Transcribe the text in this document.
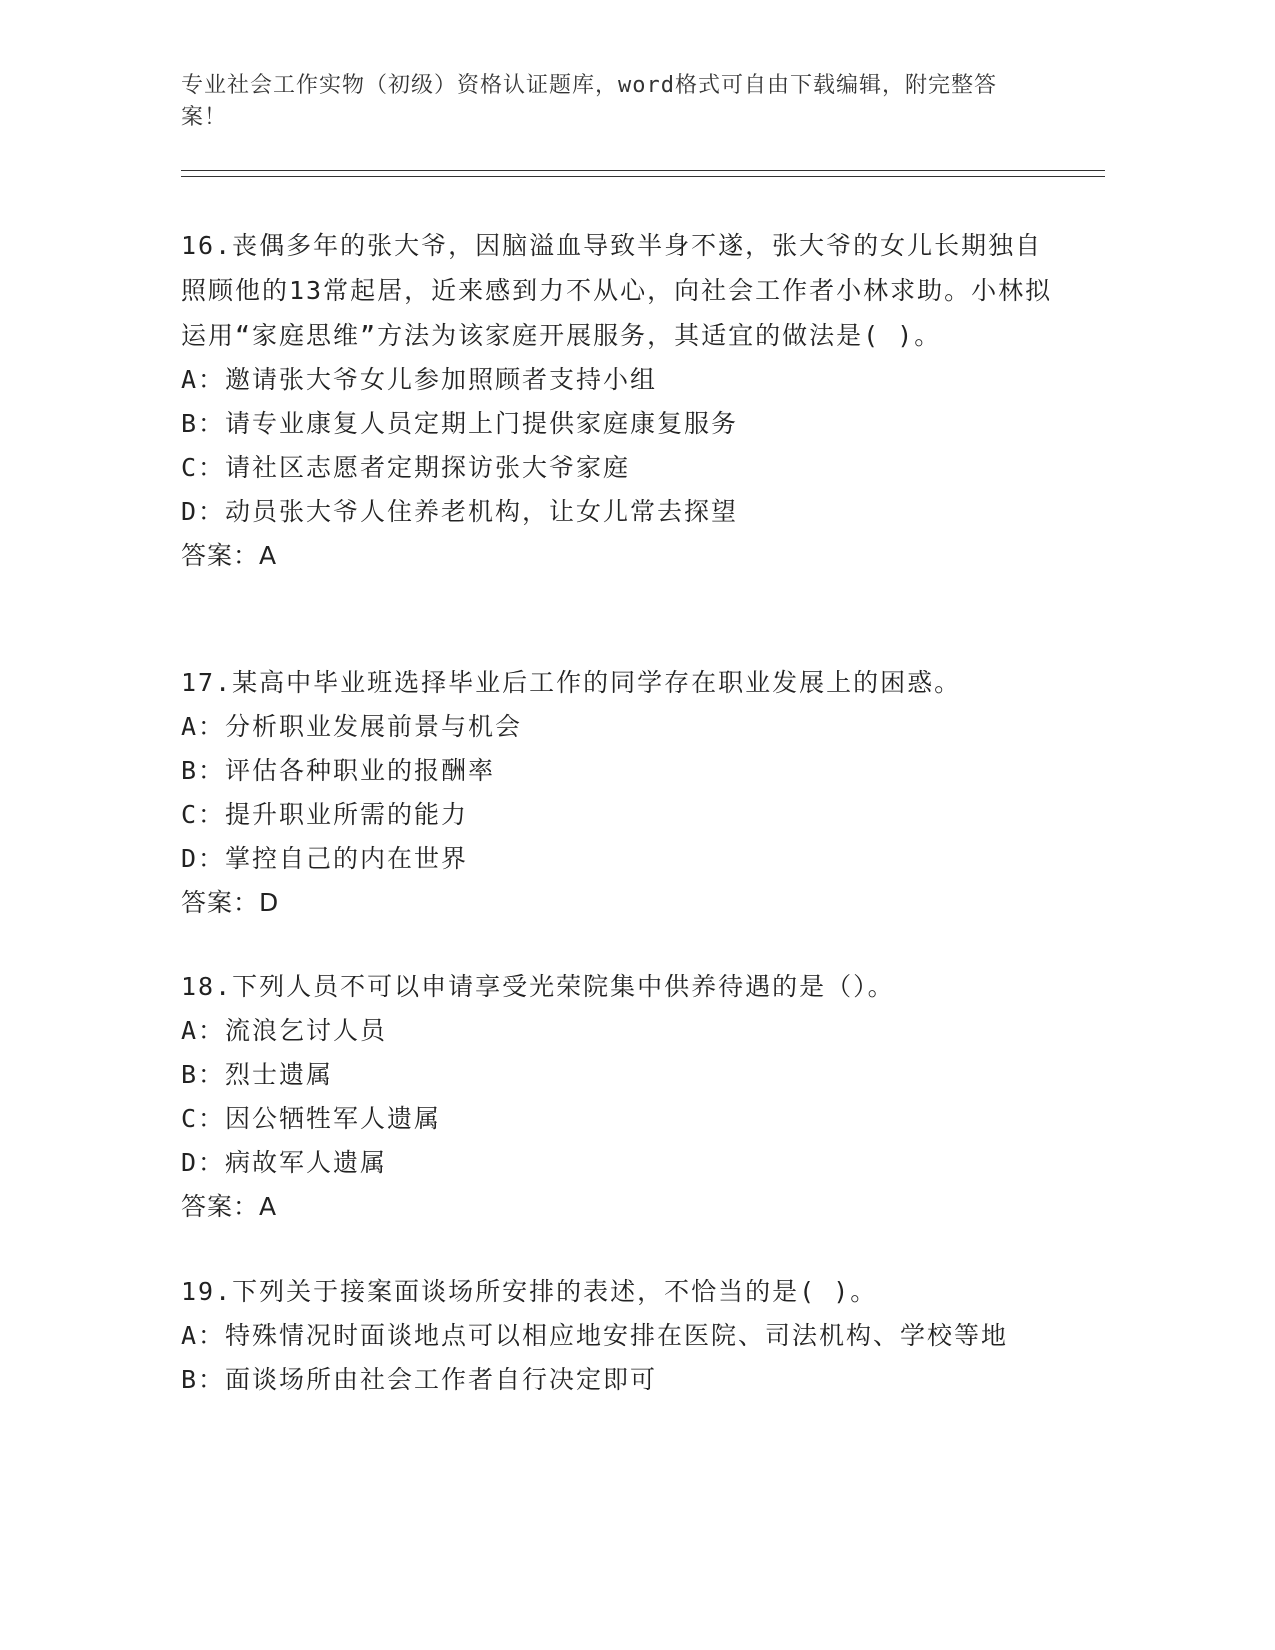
专业社会工作实物（初级）资格认证题库，word格式可自由下载编辑，附完整答
案！
16.丧偶多年的张大爷，因脑溢血导致半身不遂，张大爷的女儿长期独自照顾他的13常起居，近来感到力不从心，向社会工作者小林求助。小林拟运用“家庭思维”方法为该家庭开展服务，其适宜的做法是( )。
A：邀请张大爷女儿参加照顾者支持小组
B：请专业康复人员定期上门提供家庭康复服务
C：请社区志愿者定期探访张大爷家庭
D：动员张大爷人住养老机构，让女儿常去探望
答案：A
17.某高中毕业班选择毕业后工作的同学存在职业发展上的困惑。
A：分析职业发展前景与机会
B：评估各种职业的报酬率
C：提升职业所需的能力
D：掌控自己的内在世界
答案：D
18.下列人员不可以申请享受光荣院集中供养待遇的是（）。
A：流浪乞讨人员
B：烈士遗属
C：因公牺牲军人遗属
D：病故军人遗属
答案：A
19.下列关于接案面谈场所安排的表述，不恰当的是( )。
A：特殊情况时面谈地点可以相应地安排在医院、司法机构、学校等地
B：面谈场所由社会工作者自行决定即可
